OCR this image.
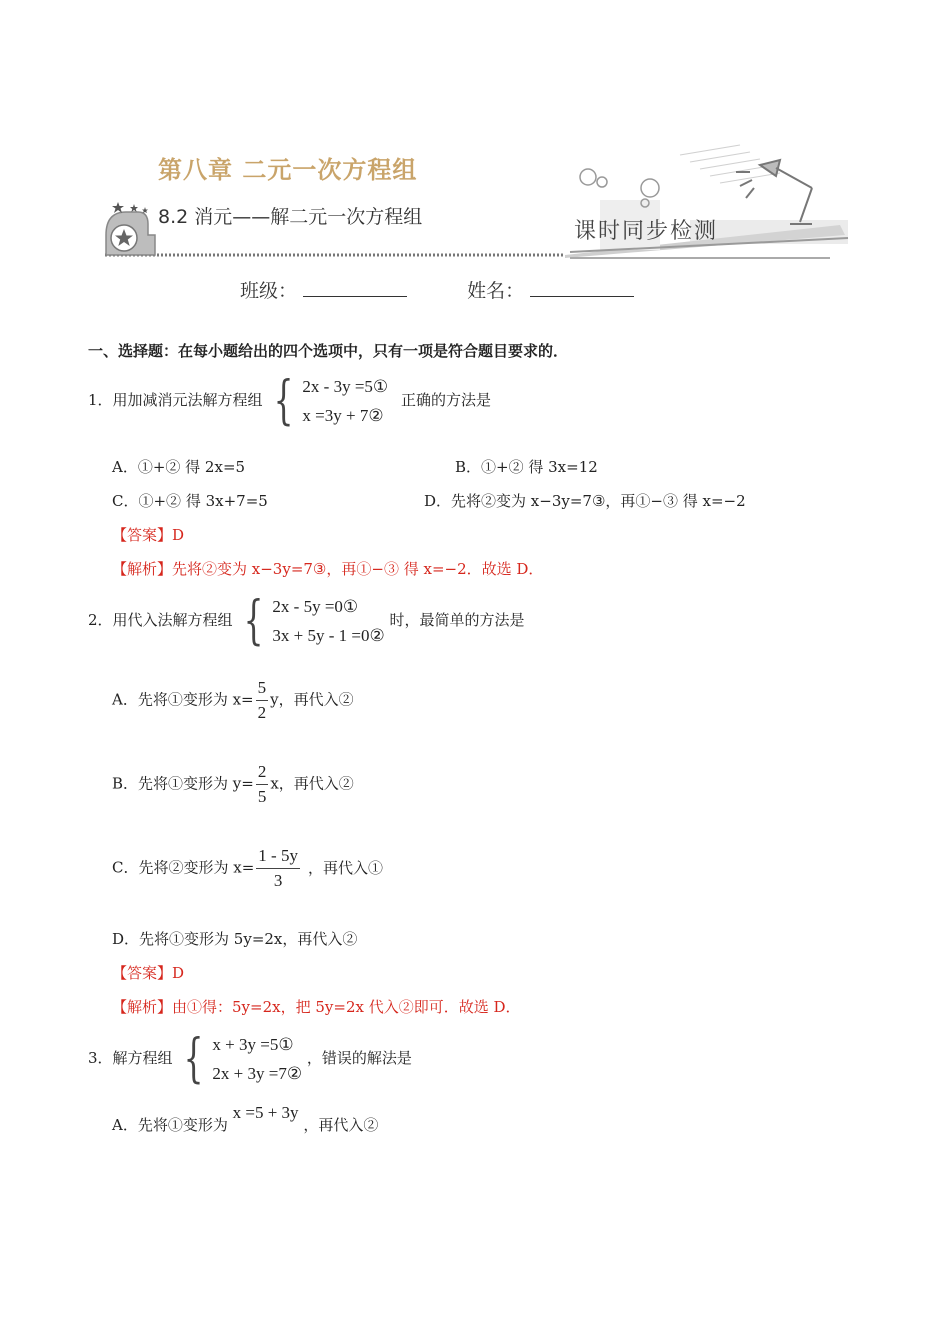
第八章 二元一次方程组
8.2 消元——解二元一次方程组
课时同步检测
班级：	姓名：
一、选择题：在每小题给出的四个选项中，只有一项是符合题目要求的．
1．用加减消元法解方程组 { 2x - 3y =5①
x =3y + 7②
正确的方法是
A．①+② 得 2x=5	B．①+② 得 3x=12
C．①+② 得 3x+7=5	D．先将②变为 x−3y=7③，再①−③ 得 x=−2
【答案】D
【解析】先将②变为 x−3y=7③，再①−③ 得 x=−2．故选 D．
2．用代入法解方程组 { 2x - 5y =0①
3x + 5y - 1 =0②
时，最简单的方法是
A．先将①变形为 $x= \frac{5}{2}$ y，再代入②
B．先将①变形为 $y= \frac{2}{5}$ x，再代入②
C．先将②变形为 $x= \frac{1 - 5y}{3}$ ，再代入①
D．先将①变形为 5y=2x，再代入②
【答案】D
【解析】由①得：5y=2x，把 5y=2x 代入②即可．故选 D．
3．解方程组 { x + 3y =5①
2x + 3y =7②
，错误的解法是
A．先将①变形为 x =5 + 3y ，再代入②
